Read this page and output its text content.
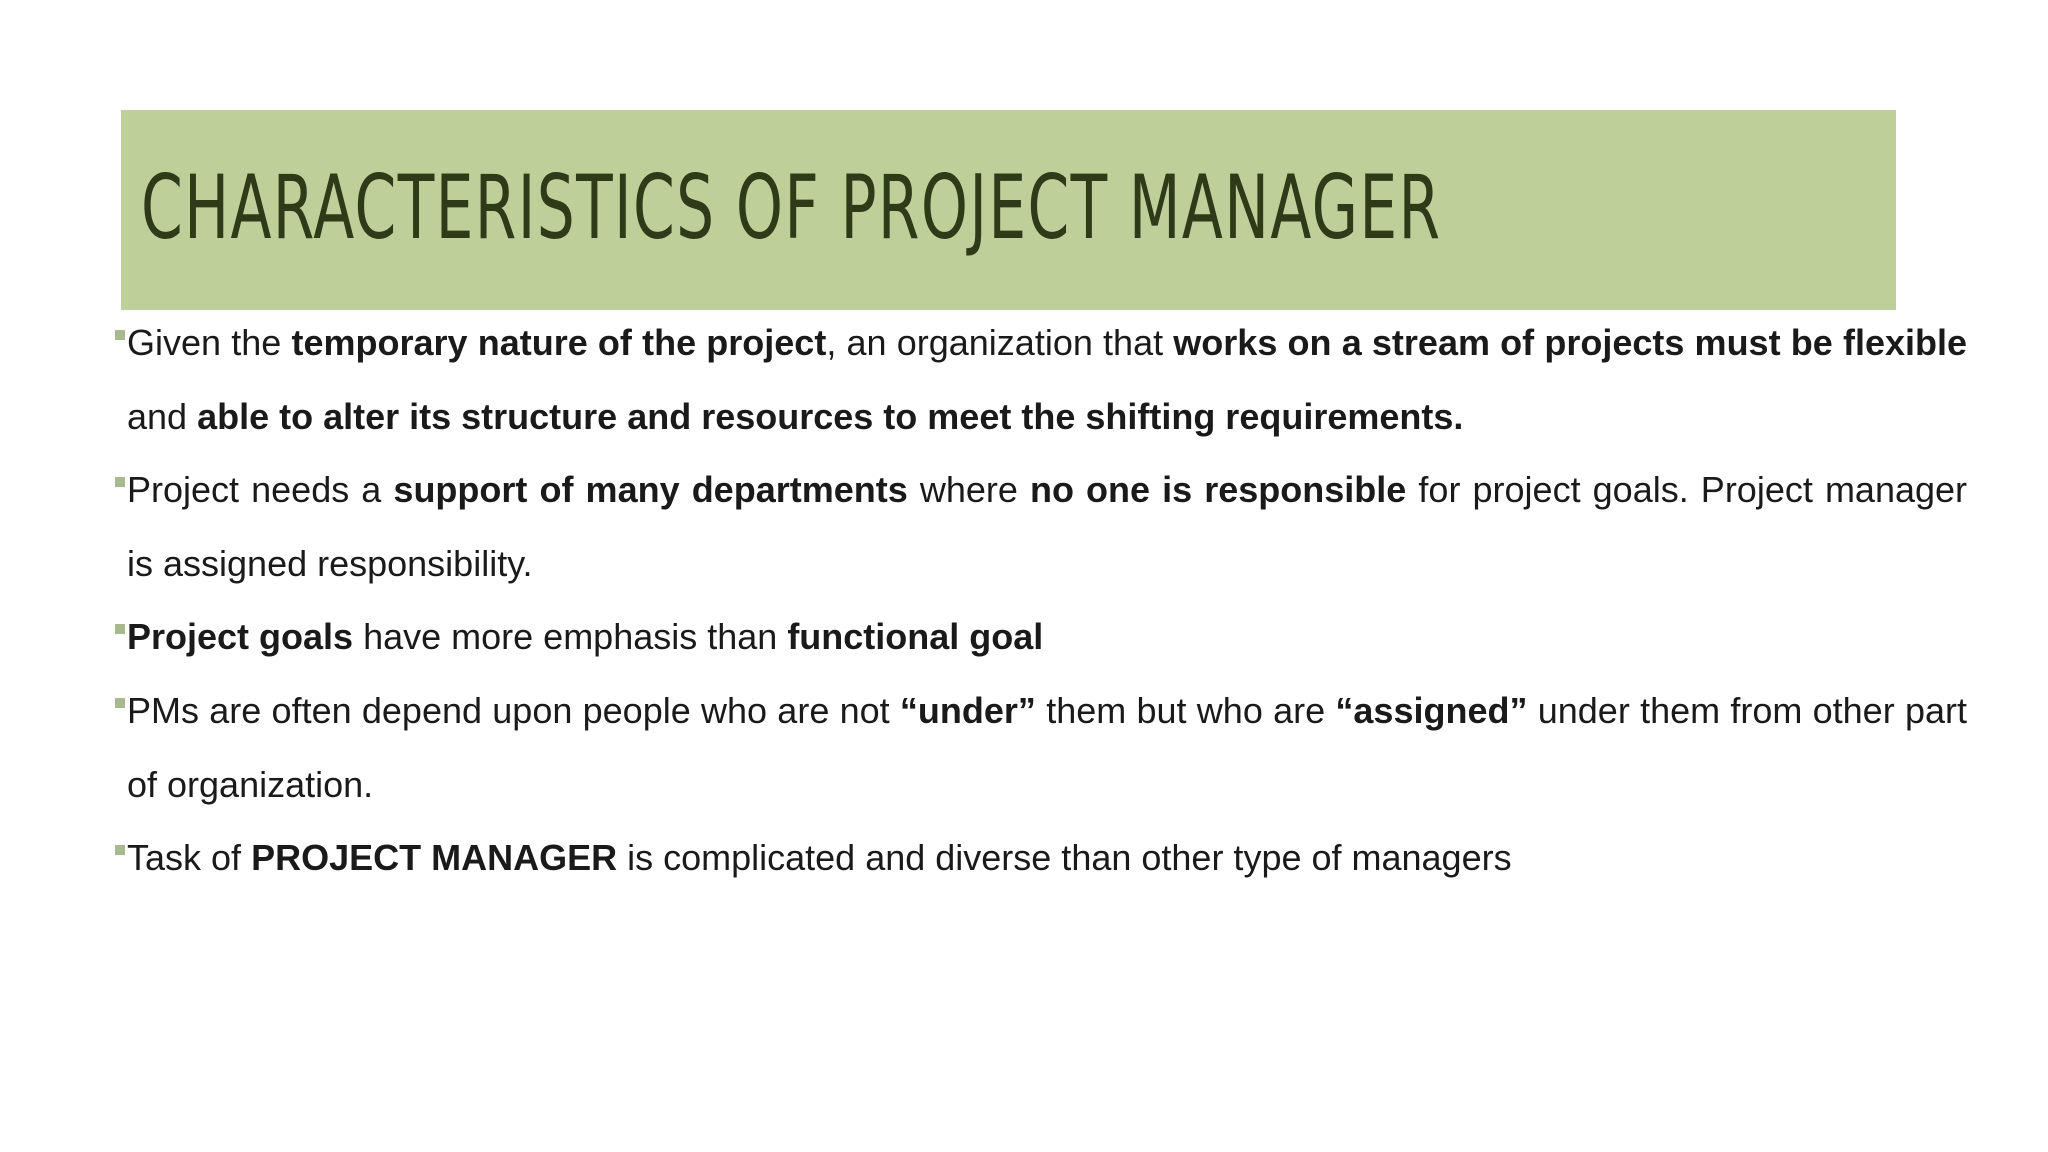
CHARACTERISTICS OF PROJECT MANAGER
Given the temporary nature of the project, an organization that works on a stream of projects must be flexible and able to alter its structure and resources to meet the shifting requirements.
Project needs a support of many departments where no one is responsible for project goals. Project manager is assigned responsibility.
Project goals have more emphasis than functional goal
PMs are often depend upon people who are not “under” them but who are “assigned” under them from other part of organization.
Task of PROJECT MANAGER is complicated and diverse than other type of managers
